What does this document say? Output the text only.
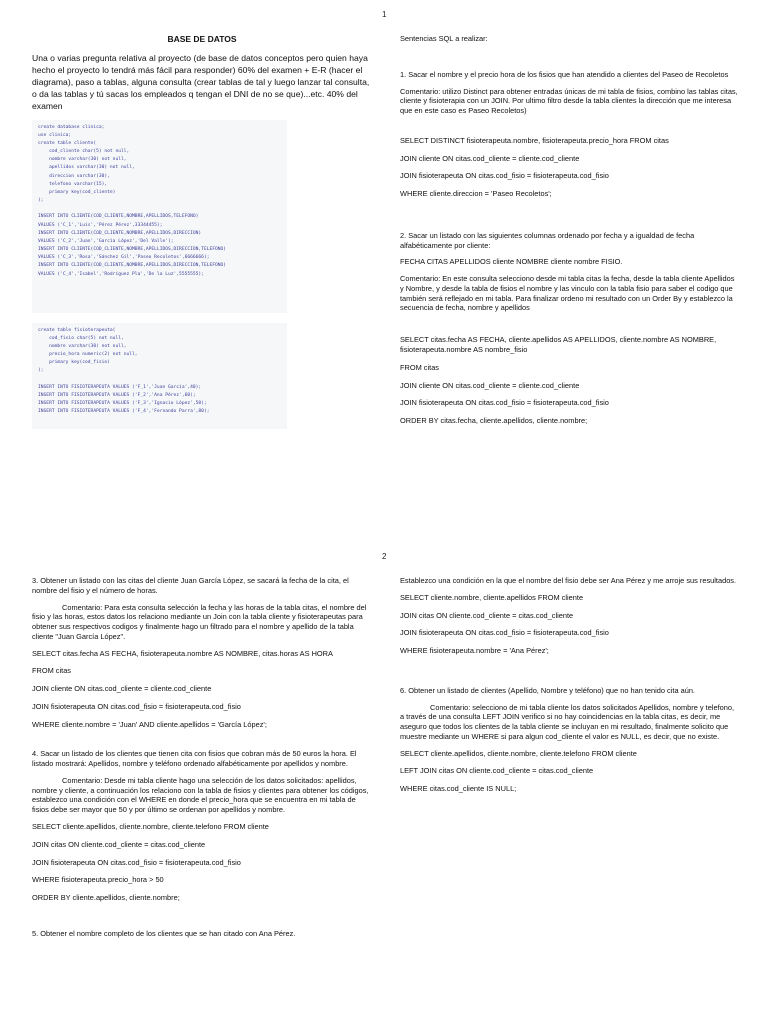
1

BASE DE DATOS

Una o varias pregunta relativa al proyecto (de base de datos conceptos pero quien haya hecho el proyecto lo tendrá más fácil para responder) 60% del examen + E-R (hacer el diagrama), paso a tablas, alguna consulta (crear tablas de tal y luego lanzar tal consulta, o da las tablas y tú sacas los empleados q tengan el DNI de no se que)...etc. 40% del examen

create database clinica;
use clinica;
create table cliente(
cod_cliente char(5) not null,
nombre varchar(30) not null,
apellidos varchar(30) not null,
direccion varchar(30),
telefono varchar(15),
primary key(cod_cliente)
);

INSERT INTO CLIENTE(COD_CLIENTE,NOMBRE,APELLIDOS,TELEFONO)
VALUES ('C_1','Luis','Pérez Pérez',33344455);
INSERT INTO CLIENTE(COD_CLIENTE,NOMBRE,APELLIDOS,DIRECCION)
VALUES ('C_2','Juan','García López','Del Valle');
INSERT INTO CLIENTE(COD_CLIENTE,NOMBRE,APELLIDOS,DIRECCION,TELEFONO)
VALUES ('C_3','Rosa','Sánchez Gil','Paseo Recoletos',6666666);
INSERT INTO CLIENTE(COD_CLIENTE,NOMBRE,APELLIDOS,DIRECCION,TELEFONO)
VALUES ('C_4','Isabel','Rodríguez Pla','De la Luz',5555555);
create table fisioterapeuta(
cod_fisio char(5) not null,
nombre varchar(30) not null,
precio_hora numeric(2) not null,
primary key(cod_fisio)
);

INSERT INTO FISIOTERAPEUTA VALUES ('F_1','Juan García',40);
INSERT INTO FISIOTERAPEUTA VALUES ('F_2','Ana Pérez',60);
INSERT INTO FISIOTERAPEUTA VALUES ('F_3','Ignacio López',50);
INSERT INTO FISIOTERAPEUTA VALUES ('F_4','Fernando Parra',80);

Sentencias SQL a realizar:

1. Sacar el nombre y el precio hora de los fisios que han atendido a clientes del Paseo de Recoletos

Comentario: utilizo Distinct para obtener entradas únicas de mi tabla de fisios, combino las tablas citas, cliente y fisioterapia con un JOIN. Por ultimo filtro desde la tabla clientes la dirección que me interesa que en este caso es Paseo Recoletos)

SELECT DISTINCT fisioterapeuta.nombre, fisioterapeuta.precio_hora FROM citas

JOIN cliente ON citas.cod_cliente = cliente.cod_cliente

JOIN fisioterapeuta ON citas.cod_fisio = fisioterapeuta.cod_fisio

WHERE cliente.direccion = 'Paseo Recoletos';

2. Sacar un listado con las siguientes columnas ordenado por fecha y a igualdad de fecha alfabéticamente por cliente:

FECHA CITAS APELLIDOS cliente NOMBRE cliente nombre FISIO.

Comentario: En este consulta selecciono desde mi tabla citas la fecha, desde la tabla cliente Apellidos y Nombre, y desde la tabla de fisios el nombre y las vinculo con la tabla fisio para saber el codigo que también será reflejado en mi tabla. Para finalizar ordeno mi resultado con un Order By y establezco la secuencia de fecha, nombre y apellidos

SELECT citas.fecha AS FECHA, cliente.apellidos AS APELLIDOS, cliente.nombre AS NOMBRE, fisioterapeuta.nombre AS nombre_fisio

FROM citas

JOIN cliente ON citas.cod_cliente = cliente.cod_cliente

JOIN fisioterapeuta ON citas.cod_fisio = fisioterapeuta.cod_fisio

ORDER BY citas.fecha, cliente.apellidos, cliente.nombre;

2

3. Obtener un listado con las citas del cliente Juan García López, se sacará la fecha de la cita, el nombre del fisio y el número de horas.

Comentario: Para esta consulta selección la fecha y las horas de la tabla citas, el nombre del fisio y las horas, estos datos los relaciono mediante un Join con la tabla cliente y fisioterapeutas para obtener sus respectivos codigos y finalmente hago un filtrado para el nombre y apellido de la tabla cliente "Juan García López".

SELECT citas.fecha AS FECHA, fisioterapeuta.nombre AS NOMBRE, citas.horas AS HORA

FROM citas

JOIN cliente ON citas.cod_cliente = cliente.cod_cliente

JOIN fisioterapeuta ON citas.cod_fisio = fisioterapeuta.cod_fisio

WHERE cliente.nombre = 'Juan' AND cliente.apellidos = 'García López';

4. Sacar un listado de los clientes que tienen cita con fisios que cobran más de 50 euros la hora. El listado mostrará: Apellidos, nombre y teléfono ordenado alfabéticamente por apellidos y nombre.

Comentario: Desde mi tabla cliente hago una selección de los datos solicitados: apellidos, nombre y cliente, a continuación los relaciono con la tabla de fisios y clientes para obtener los códigos, establezco una condición con el WHERE en donde el precio_hora que se encuentra en mi tabla de fisios debe ser mayor que 50 y por último se ordenan por apellidos y nombre.

SELECT cliente.apellidos, cliente.nombre, cliente.telefono FROM cliente

JOIN citas ON cliente.cod_cliente = citas.cod_cliente

JOIN fisioterapeuta ON citas.cod_fisio = fisioterapeuta.cod_fisio

WHERE fisioterapeuta.precio_hora > 50

ORDER BY cliente.apellidos, cliente.nombre;

5. Obtener el nombre completo de los clientes que se han citado con Ana Pérez.

Establezco una condición en la que el nombre del fisio debe ser Ana Pérez y me arroje sus resultados.

SELECT cliente.nombre, cliente.apellidos FROM cliente

JOIN citas ON cliente.cod_cliente = citas.cod_cliente

JOIN fisioterapeuta ON citas.cod_fisio = fisioterapeuta.cod_fisio

WHERE fisioterapeuta.nombre = 'Ana Pérez';

6. Obtener un listado de clientes (Apellido, Nombre y teléfono) que no han tenido cita aún.

Comentario: selecciono de mi tabla cliente los datos solicitados Apellidos, nombre y telefono, a través de una consulta LEFT JOIN verifico si no hay coincidencias en la tabla citas, es decir, me aseguro que todos los clientes de la tabla cliente se incluyan en mi resultado, finalmente solicito que muestre mediante un WHERE si para algun cod_cliente el valor es NULL, es decir, que no existe.

SELECT cliente.apellidos, cliente.nombre, cliente.telefono FROM cliente

LEFT JOIN citas ON cliente.cod_cliente = citas.cod_cliente

WHERE citas.cod_cliente IS NULL;
